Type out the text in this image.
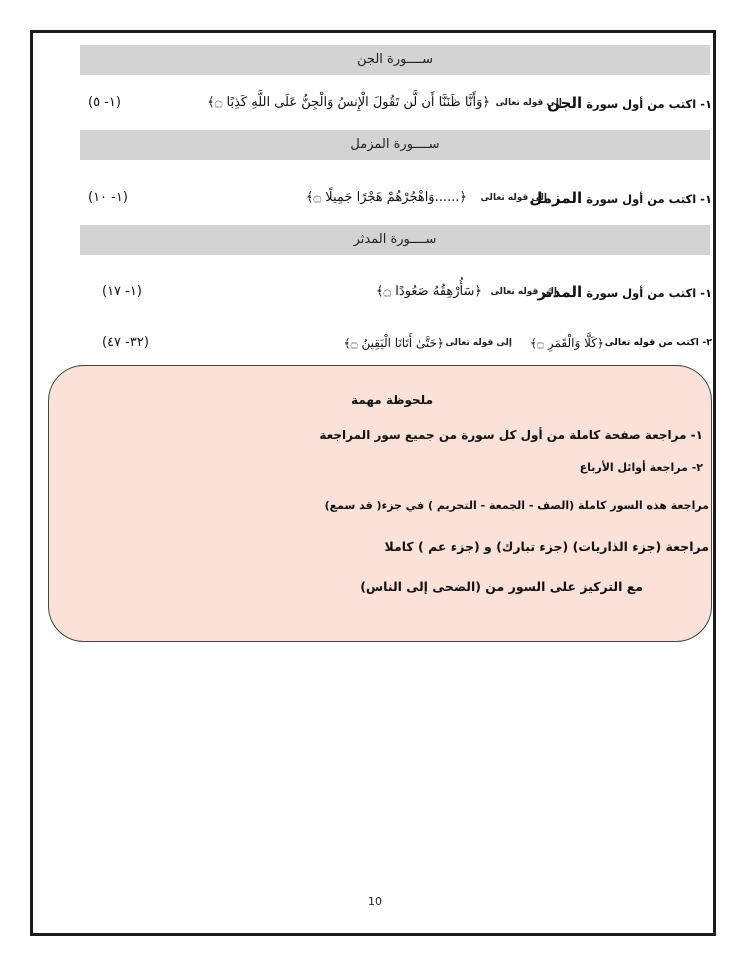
ســــورة الجن
١- اكتب من أول سورة الجن
إلى قوله تعالى
﴿وَأَنَّا ظَنَنَّا أَن لَّن تَقُولَ الْإِنسُ وَالْجِنُّ عَلَى اللَّهِ كَذِبًا ۝﴾
(١- ٥)
ســــورة المزمل
١- اكتب من أول سورة المزمل
إلى قوله تعالى
﴿......وَاهْجُرْهُمْ هَجْرًا جَمِيلًا ۝﴾
(١- ١٠)
ســــورة المدثر
١- اكتب من أول سورة المدثر
إلى قوله تعالى
﴿سَأُرْهِقُهُ صَعُودًا ۝﴾
(١- ١٧)
٢- اكتب من قوله تعالى
﴿كَلَّا وَالْقَمَرِ ۝﴾
إلى قوله تعالى
﴿حَتَّىٰ أَتَانَا الْيَقِينُ ۝﴾
(٣٢- ٤٧)
ملحوظة مهمة
١- مراجعة صفحة كاملة من أول كل سورة من جميع سور المراجعة
٢- مراجعة أوائل الأرباع
مراجعة هذه السور كاملة (الصف - الجمعة - التحريم ) في جزء( قد سمع)
مراجعة (جزء الذاريات) (جزء تبارك) و (جزء عم ) كاملا
مع التركيز على السور من (الضحى إلى الناس)
10
